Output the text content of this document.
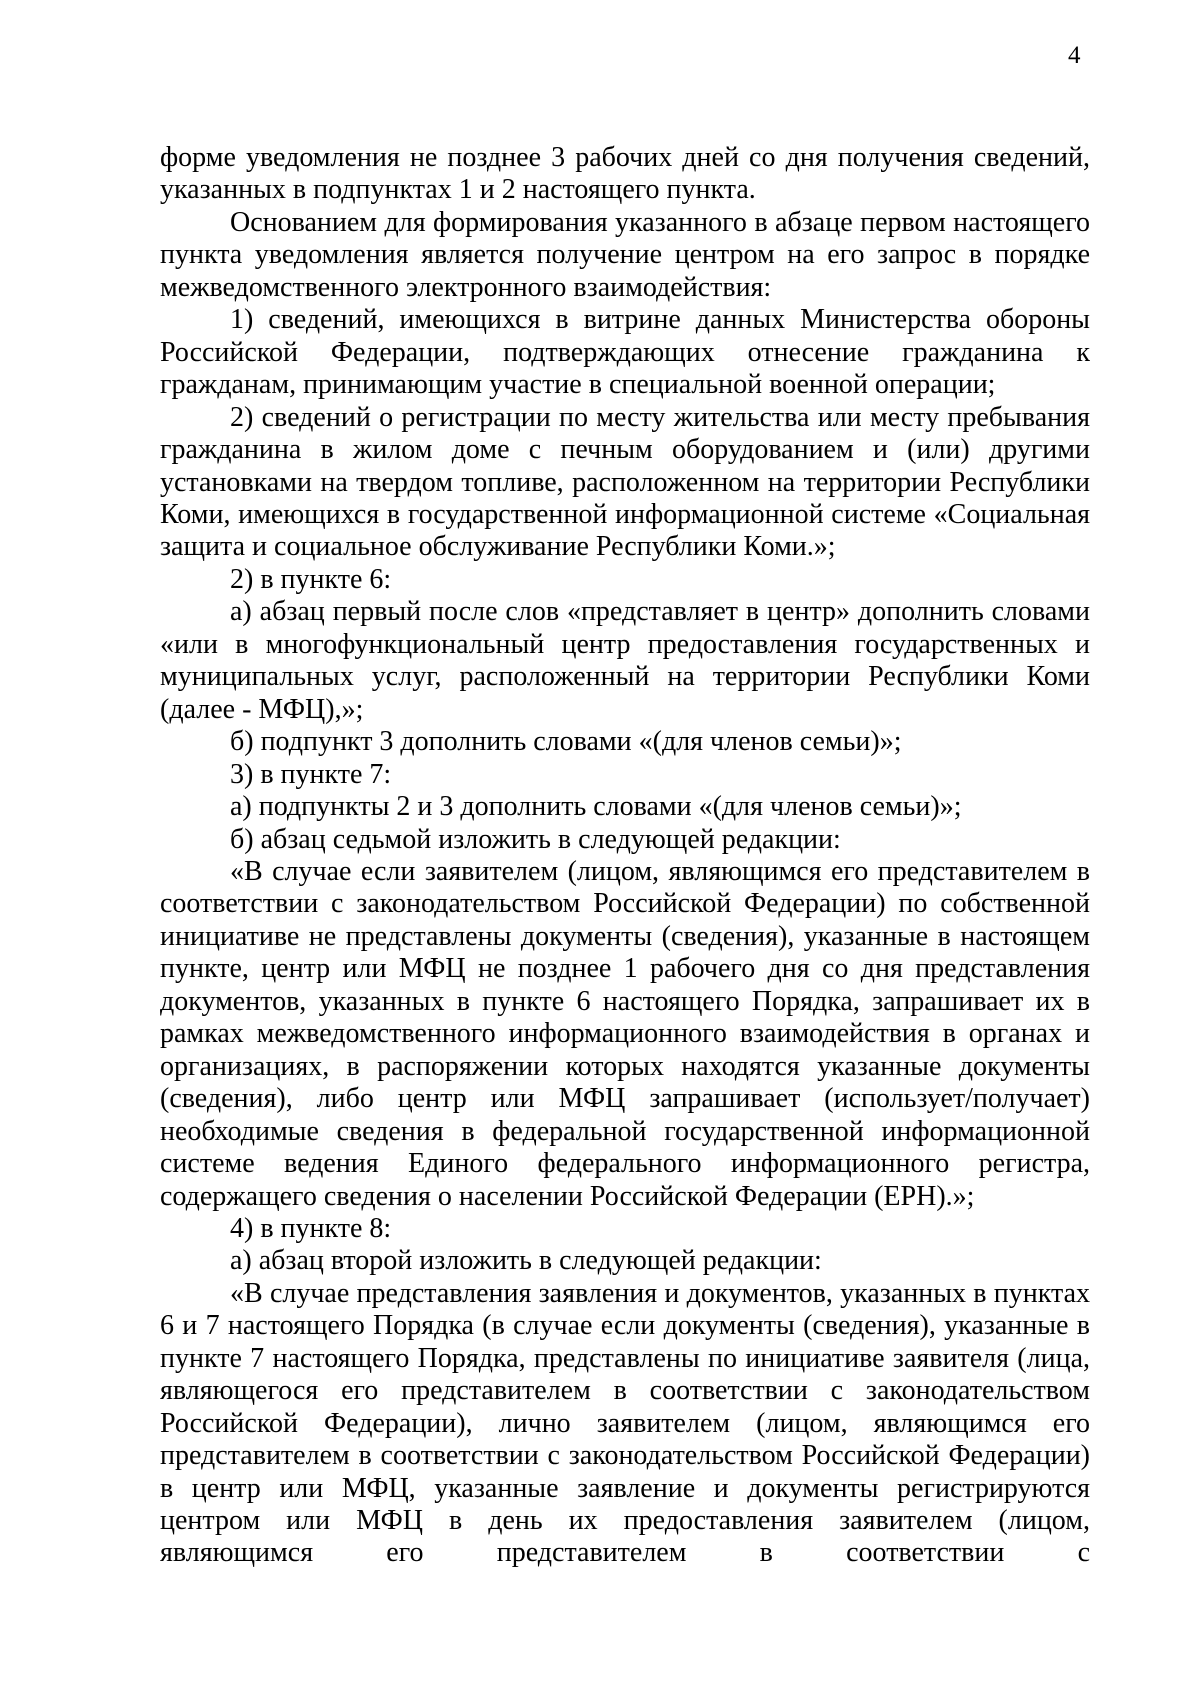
4

форме уведомления не позднее 3 рабочих дней со дня получения сведений, указанных в подпунктах 1 и 2 настоящего пункта.

Основанием для формирования указанного в абзаце первом настоящего пункта уведомления является получение центром на его запрос в порядке межведомственного электронного взаимодействия:

1) сведений, имеющихся в витрине данных Министерства обороны Российской Федерации, подтверждающих отнесение гражданина к гражданам, принимающим участие в специальной военной операции;

2) сведений о регистрации по месту жительства или месту пребывания гражданина в жилом доме с печным оборудованием и (или) другими установками на твердом топливе, расположенном на территории Республики Коми, имеющихся в государственной информационной системе «Социальная защита и социальное обслуживание Республики Коми.»;

2) в пункте 6:

а) абзац первый после слов «представляет в центр» дополнить словами «или в многофункциональный центр предоставления государственных и муниципальных услуг, расположенный на территории Республики Коми (далее - МФЦ),»;

б) подпункт 3 дополнить словами «(для членов семьи)»;

3) в пункте 7:

а) подпункты 2 и 3 дополнить словами «(для членов семьи)»;

б) абзац седьмой изложить в следующей редакции:

«В случае если заявителем (лицом, являющимся его представителем в соответствии с законодательством Российской Федерации) по собственной инициативе не представлены документы (сведения), указанные в настоящем пункте, центр или МФЦ не позднее 1 рабочего дня со дня представления документов, указанных в пункте 6 настоящего Порядка, запрашивает их в рамках межведомственного информационного взаимодействия в органах и организациях, в распоряжении которых находятся указанные документы (сведения), либо центр или МФЦ запрашивает (использует/получает) необходимые сведения в федеральной государственной информационной системе ведения Единого федерального информационного регистра, содержащего сведения о населении Российской Федерации (ЕРН).»;

4) в пункте 8:

а) абзац второй изложить в следующей редакции:

«В случае представления заявления и документов, указанных в пунктах 6 и 7 настоящего Порядка (в случае если документы (сведения), указанные в пункте 7 настоящего Порядка, представлены по инициативе заявителя (лица, являющегося его представителем в соответствии с законодательством Российской Федерации), лично заявителем (лицом, являющимся его представителем в соответствии с законодательством Российской Федерации) в центр или МФЦ, указанные заявление и документы регистрируются центром или МФЦ в день их предоставления заявителем (лицом, являющимся его представителем в соответствии с
